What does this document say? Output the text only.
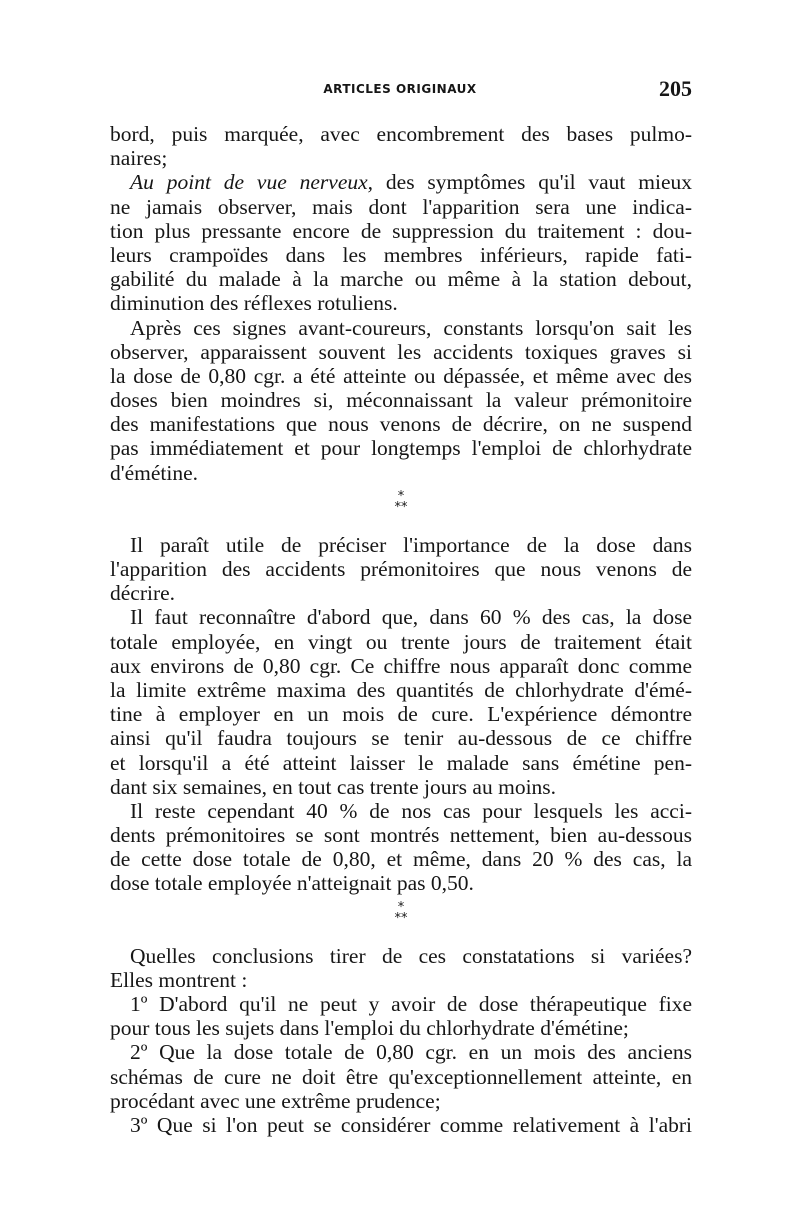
ARTICLES ORIGINAUX	205
bord, puis marquée, avec encombrement des bases pulmo-
naires;
Au point de vue nerveux, des symptômes qu'il vaut mieux
ne jamais observer, mais dont l'apparition sera une indica-
tion plus pressante encore de suppression du traitement : dou-
leurs crampoïdes dans les membres inférieurs, rapide fati-
gabilité du malade à la marche ou même à la station debout,
diminution des réflexes rotuliens.
Après ces signes avant-coureurs, constants lorsqu'on sait les
observer, apparaissent souvent les accidents toxiques graves si
la dose de 0,80 cgr. a été atteinte ou dépassée, et même avec des
doses bien moindres si, méconnaissant la valeur prémonitoire
des manifestations que nous venons de décrire, on ne suspend
pas immédiatement et pour longtemps l'emploi de chlorhydrate
d'émétine.
*
**
Il paraît utile de préciser l'importance de la dose dans
l'apparition des accidents prémonitoires que nous venons de
décrire.
Il faut reconnaître d'abord que, dans 60 % des cas, la dose
totale employée, en vingt ou trente jours de traitement était
aux environs de 0,80 cgr. Ce chiffre nous apparaît donc comme
la limite extrême maxima des quantités de chlorhydrate d'émé-
tine à employer en un mois de cure. L'expérience démontre
ainsi qu'il faudra toujours se tenir au-dessous de ce chiffre
et lorsqu'il a été atteint laisser le malade sans émétine pen-
dant six semaines, en tout cas trente jours au moins.
Il reste cependant 40 % de nos cas pour lesquels les acci-
dents prémonitoires se sont montrés nettement, bien au-dessous
de cette dose totale de 0,80, et même, dans 20 % des cas, la
dose totale employée n'atteignait pas 0,50.
*
**
Quelles conclusions tirer de ces constatations si variées?
Elles montrent :
1º D'abord qu'il ne peut y avoir de dose thérapeutique fixe
pour tous les sujets dans l'emploi du chlorhydrate d'émétine;
2º Que la dose totale de 0,80 cgr. en un mois des anciens
schémas de cure ne doit être qu'exceptionnellement atteinte, en
procédant avec une extrême prudence;
3º Que si l'on peut se considérer comme relativement à l'abri
